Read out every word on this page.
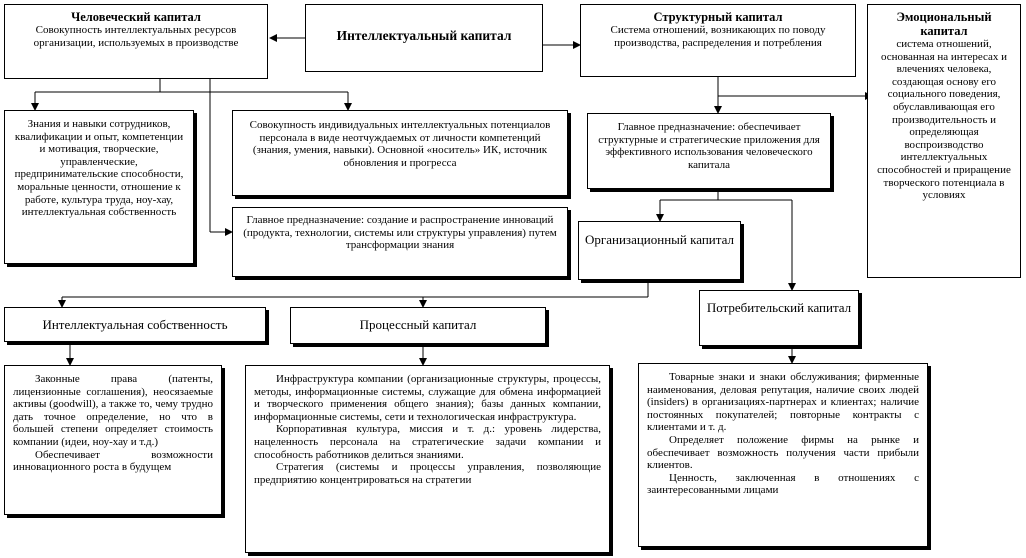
Человеческий капитал
Совокупность интеллектуальных ресурсов организации, используемых в производстве	Интеллектуальный капитал
Структурный капитал
Система отношений, возникающих по поводу производства, распределения и потребления
Эмоциональный капитал
система отношений, основанная на интересах и влечениях человека, создающая основу его социального поведения, обуславливающая его производительность и определяющая воспроизводство интеллектуальных способностей и приращение творческого потенциала в условиях
Знания и навыки сотрудников, квалификации и опыт, компетенции и мотивация, творческие, управленческие, предпринимательские способности, моральные ценности, отношение к работе, культура труда, ноу-хау, интеллектуальная собственность
Совокупность индивидуальных интеллектуальных потенциалов персонала в виде неотчуждаемых от личности компетенций (знания, умения, навыки). Основной «носитель» ИК, источник обновления и прогресса
Главное предназначение: создание и распространение инноваций (продукта, технологии, системы или структуры управления) путем трансформации знания
Главное предназначение: обеспечивает структурные и стратегические приложения для эффективного использования человеческого капитала
Организационный капитал
Потребительский капитал
Интеллектуальная собственность	Процессный капитал

Законные права (патенты, лицензионные соглашения), неосязаемые активы (goodwill), а также то, чему трудно дать точное определение, но что в большей степени определяет стоимость компании (идеи, ноу-хау и т.д.)

Обеспечивает возможности инновационного роста в будущем

Инфраструктура компании (организационные структуры, процессы, методы, информационные системы, служащие для обмена информацией и творческого применения общего знания); базы данных компании, информационные системы, сети и технологическая инфраструктура.

Корпоративная культура, миссия и т. д.: уровень лидерства, нацеленность персонала на стратегические задачи компании и способность работников делиться знаниями.

Стратегия (системы и процессы управления, позволяющие предприятию концентрироваться на стратегии

Товарные знаки и знаки обслуживания; фирменные наименования, деловая репутация, наличие своих людей (insiders) в организациях-партнерах и клиентах; наличие постоянных покупателей; повторные контракты с клиентами и т. д.

Определяет положение фирмы на рынке и обеспечивает возможность получения части прибыли клиентов.

Ценность, заключенная в отношениях с заинтересованными лицами
